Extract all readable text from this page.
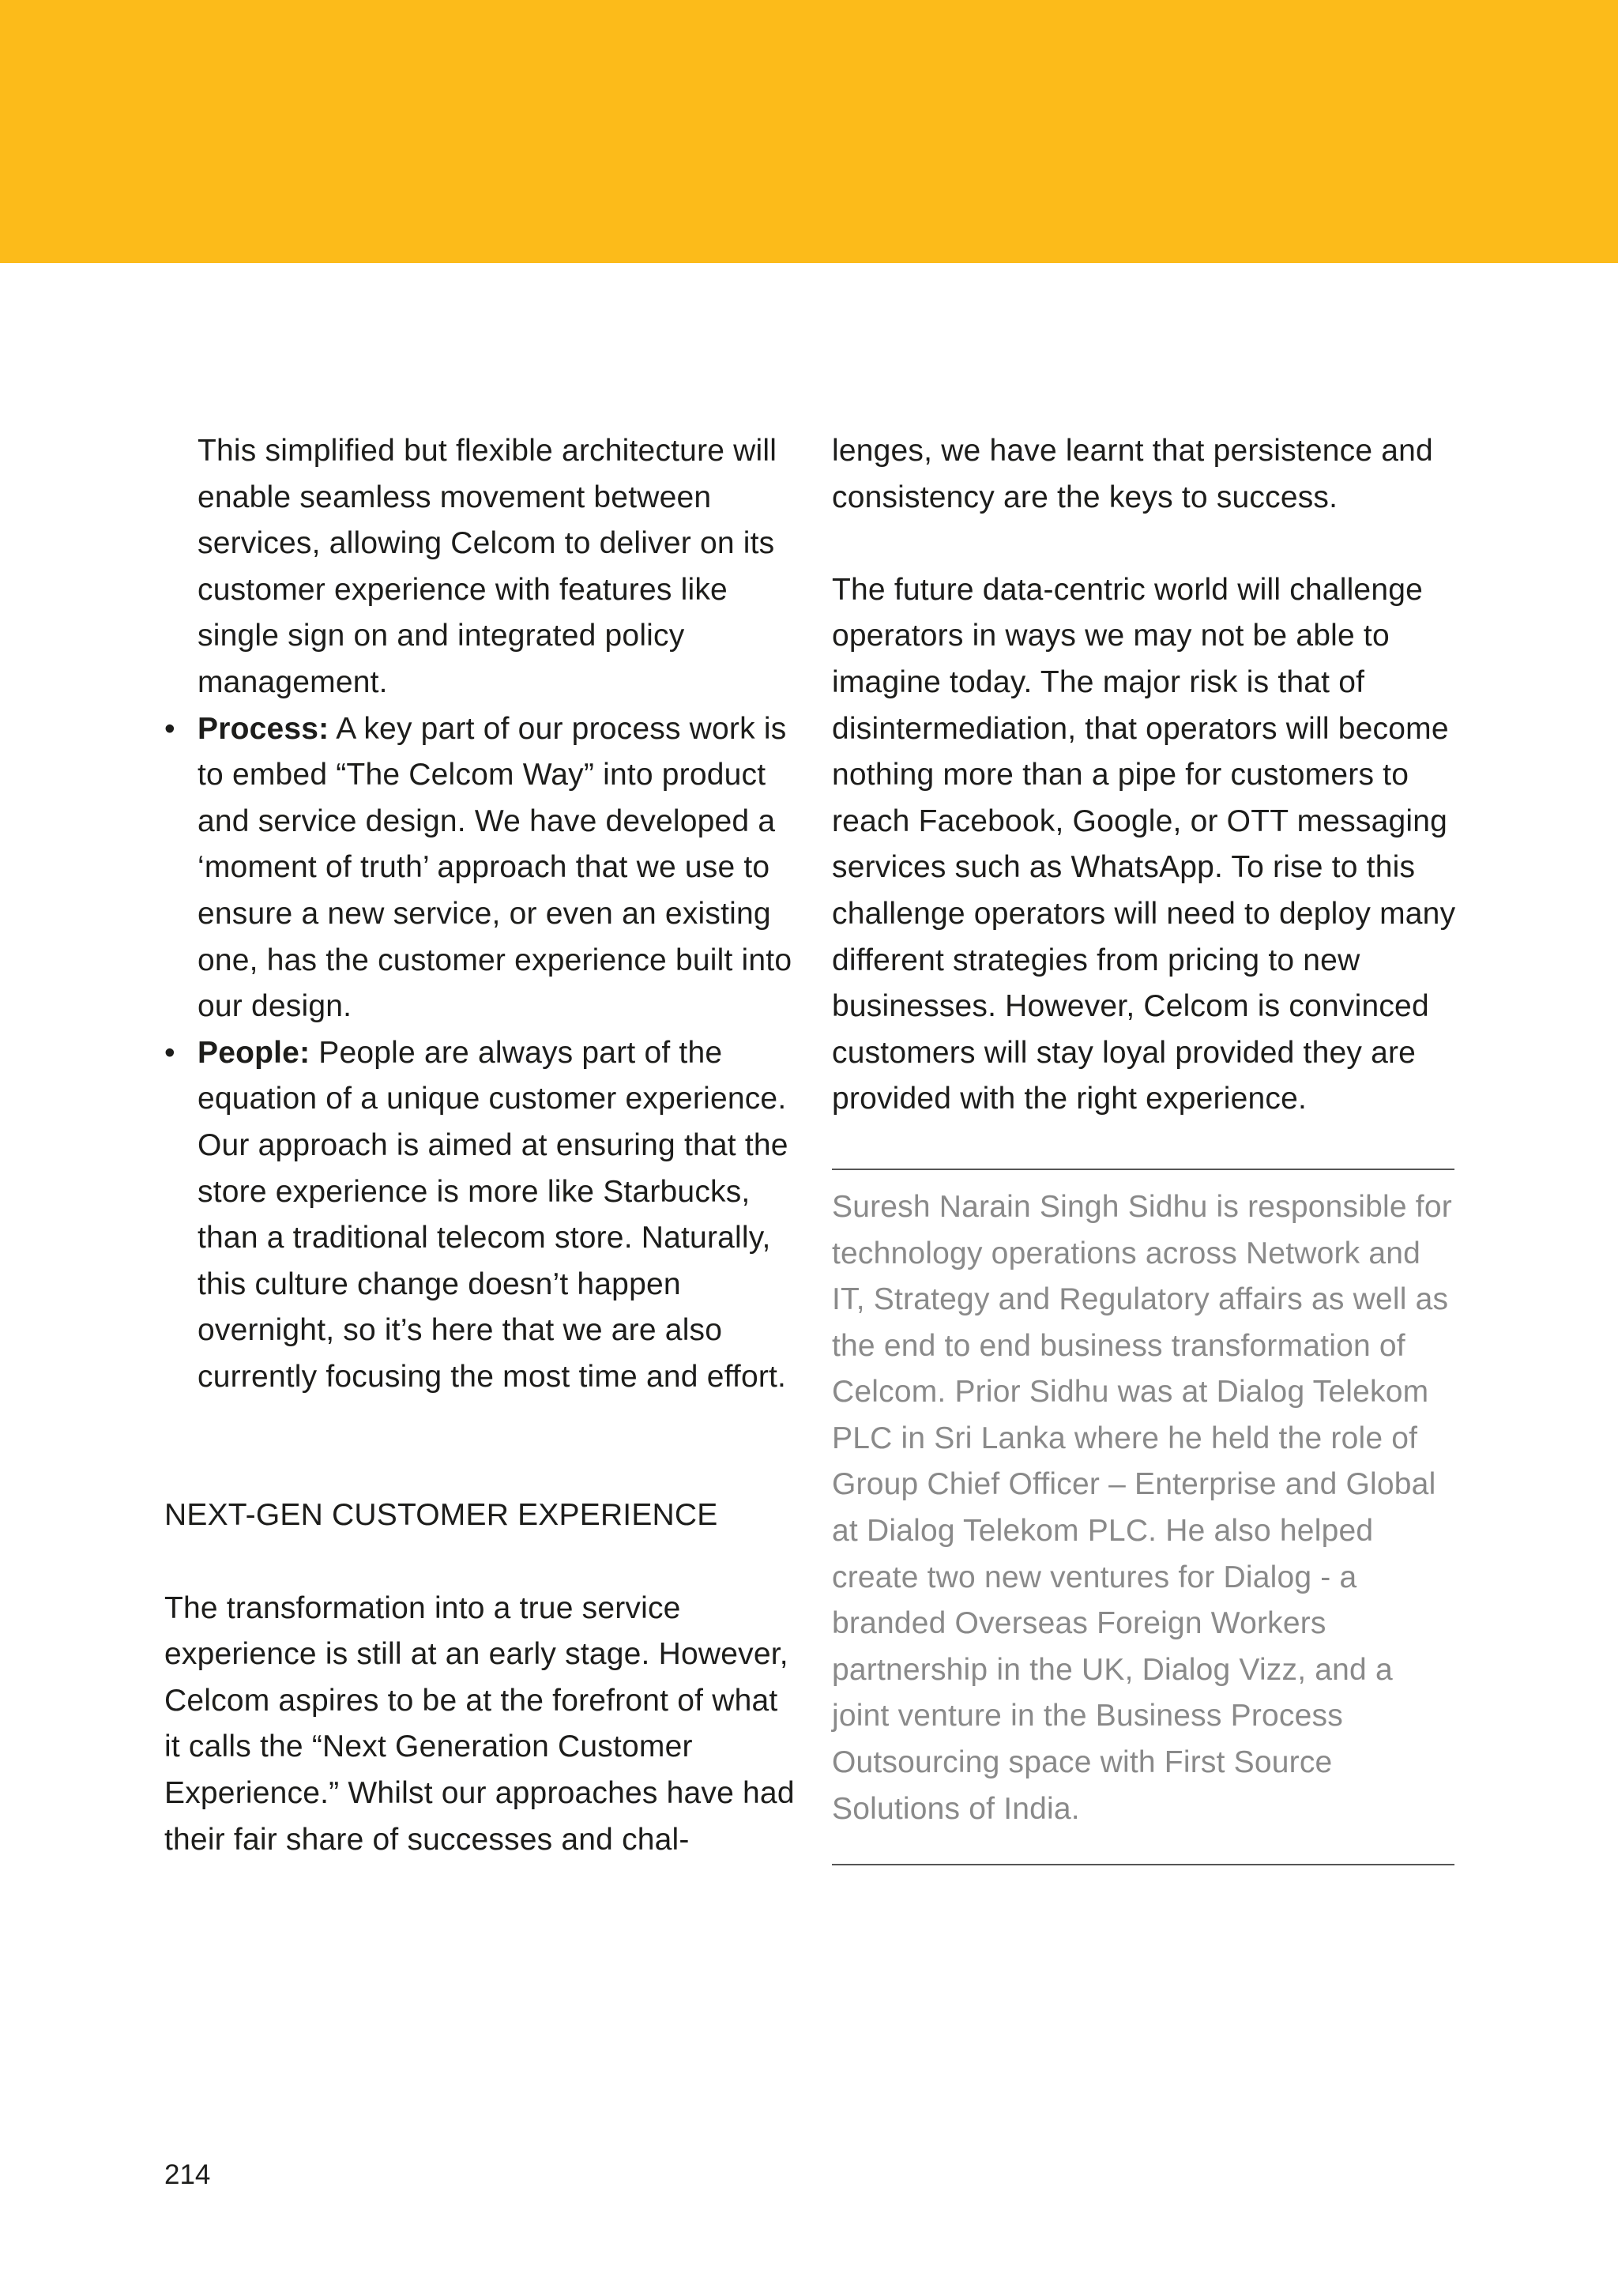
This simplified but flexible architecture will enable seamless movement between services, allowing Celcom to deliver on its customer experience with features like single sign on and integrated policy management.

• Process: A key part of our process work is to embed “The Celcom Way” into product and service design. We have developed a ‘moment of truth’ approach that we use to ensure a new service, or even an existing one, has the customer experience built into our design.
• People: People are always part of the equation of a unique customer experience. Our approach is aimed at ensuring that the store experience is more like Starbucks, than a traditional telecom store. Naturally, this culture change doesn’t happen overnight, so it’s here that we are also currently focusing the most time and effort.

NEXT-GEN CUSTOMER EXPERIENCE

The transformation into a true service experience is still at an early stage. However, Celcom aspires to be at the forefront of what it calls the “Next Generation Customer Experience.” Whilst our approaches have had their fair share of successes and chal-

lenges, we have learnt that persistence and consistency are the keys to success.

The future data-centric world will challenge operators in ways we may not be able to imagine today. The major risk is that of disintermediation, that operators will become nothing more than a pipe for customers to reach Facebook, Google, or OTT messaging services such as WhatsApp. To rise to this challenge operators will need to deploy many different strategies from pricing to new businesses. However, Celcom is convinced customers will stay loyal provided they are provided with the right experience.

Suresh Narain Singh Sidhu is responsible for technology operations across Network and IT, Strategy and Regulatory affairs as well as the end to end business transformation of Celcom. Prior Sidhu was at Dialog Telekom PLC in Sri Lanka where he held the role of Group Chief Officer – Enterprise and Global at Dialog Telekom PLC. He also helped create two new ventures for Dialog - a branded Overseas Foreign Workers partnership in the UK, Dialog Vizz, and a joint venture in the Business Process Outsourcing space with First Source Solutions of India.

214
